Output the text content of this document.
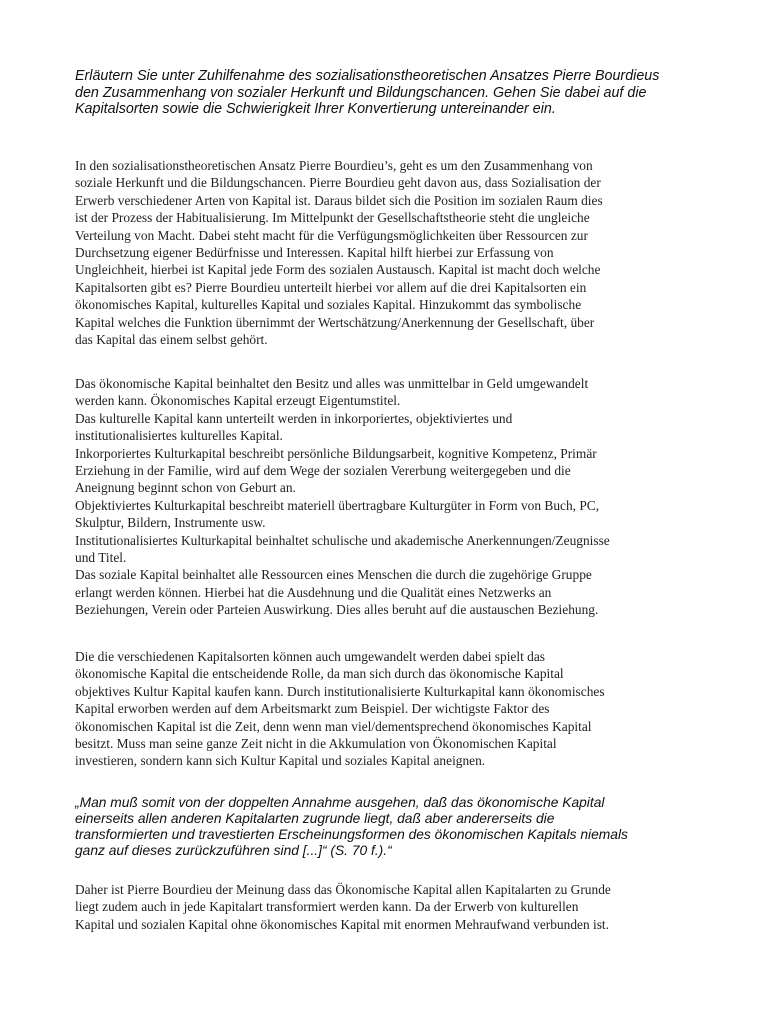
Erläutern Sie unter Zuhilfenahme des sozialisationstheoretischen Ansatzes Pierre Bourdieus
den Zusammenhang von sozialer Herkunft und Bildungschancen. Gehen Sie dabei auf die
Kapitalsorten sowie die Schwierigkeit Ihrer Konvertierung untereinander ein.
In den sozialisationstheoretischen Ansatz Pierre Bourdieu’s, geht es um den Zusammenhang von
soziale Herkunft und die Bildungschancen. Pierre Bourdieu geht davon aus, dass Sozialisation der
Erwerb verschiedener Arten von Kapital ist. Daraus bildet sich die Position im sozialen Raum dies
ist der Prozess der Habitualisierung. Im Mittelpunkt der Gesellschaftstheorie steht die ungleiche
Verteilung von Macht. Dabei steht macht für die Verfügungsmöglichkeiten über Ressourcen zur
Durchsetzung eigener Bedürfnisse und Interessen. Kapital hilft hierbei zur Erfassung von
Ungleichheit, hierbei ist Kapital jede Form des sozialen Austausch. Kapital ist macht doch welche
Kapitalsorten gibt es? Pierre Bourdieu unterteilt hierbei vor allem auf die drei Kapitalsorten ein
ökonomisches Kapital, kulturelles Kapital und soziales Kapital. Hinzukommt das symbolische
Kapital welches die Funktion übernimmt der Wertschätzung/Anerkennung der Gesellschaft, über
das Kapital das einem selbst gehört.
Das ökonomische Kapital beinhaltet den Besitz und alles was unmittelbar in Geld umgewandelt
werden kann. Ökonomisches Kapital erzeugt Eigentumstitel.
Das kulturelle Kapital kann unterteilt werden in inkorporiertes, objektiviertes und
institutionalisiertes kulturelles Kapital.
Inkorporiertes Kulturkapital beschreibt persönliche Bildungsarbeit, kognitive Kompetenz, Primär
Erziehung in der Familie, wird auf dem Wege der sozialen Vererbung weitergegeben und die
Aneignung beginnt schon von Geburt an.
Objektiviertes Kulturkapital beschreibt materiell übertragbare Kulturgüter in Form von Buch, PC,
Skulptur, Bildern, Instrumente usw.
Institutionalisiertes Kulturkapital beinhaltet schulische und akademische Anerkennungen/Zeugnisse
und Titel.
Das soziale Kapital beinhaltet alle Ressourcen eines Menschen die durch die zugehörige Gruppe
erlangt werden können. Hierbei hat die Ausdehnung und die Qualität eines Netzwerks an
Beziehungen, Verein oder Parteien Auswirkung. Dies alles beruht auf die austauschen Beziehung.
Die die verschiedenen Kapitalsorten können auch umgewandelt werden dabei spielt das
ökonomische Kapital die entscheidende Rolle, da man sich durch das ökonomische Kapital
objektives Kultur Kapital kaufen kann. Durch institutionalisierte Kulturkapital kann ökonomisches
Kapital erworben werden auf dem Arbeitsmarkt zum Beispiel. Der wichtigste Faktor des
ökonomischen Kapital ist die Zeit, denn wenn man viel/dementsprechend ökonomisches Kapital
besitzt. Muss man seine ganze Zeit nicht in die Akkumulation von Ökonomischen Kapital
investieren, sondern kann sich Kultur Kapital und soziales Kapital aneignen.
„Man muß somit von der doppelten Annahme ausgehen, daß das ökonomische Kapital
einerseits allen anderen Kapitalarten zugrunde liegt, daß aber andererseits die
transformierten und travestierten Erscheinungsformen des ökonomischen Kapitals niemals
ganz auf dieses zurückzuführen sind [...]“ (S. 70 f.).“
Daher ist Pierre Bourdieu der Meinung dass das Ökonomische Kapital allen Kapitalarten zu Grunde
liegt zudem auch in jede Kapitalart transformiert werden kann. Da der Erwerb von kulturellen
Kapital und sozialen Kapital ohne ökonomisches Kapital mit enormen Mehraufwand verbunden ist.
